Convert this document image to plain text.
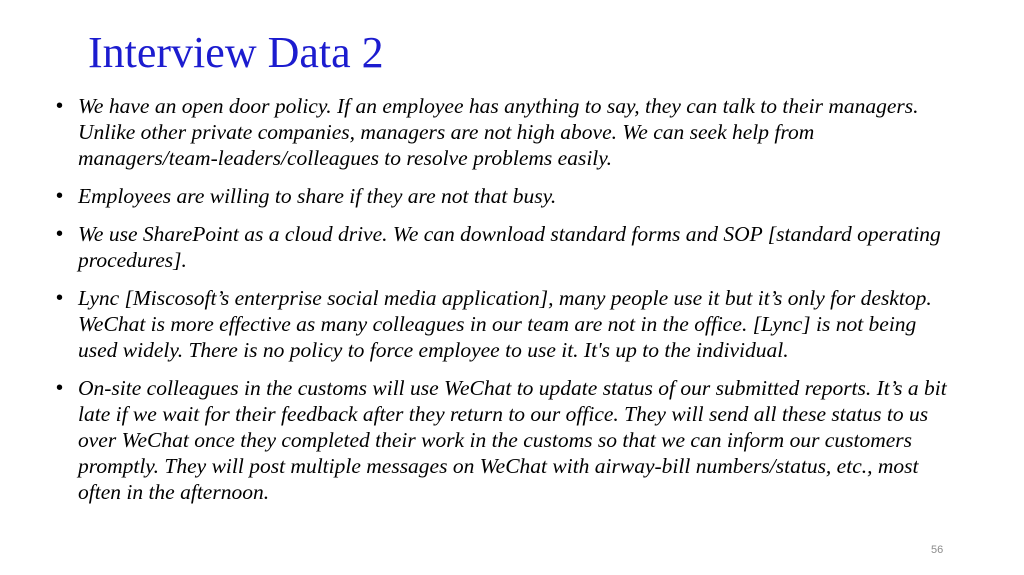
Interview Data 2
• We have an open door policy. If an employee has anything to say, they can talk to their managers. Unlike other private companies, managers are not high above. We can seek help from managers/team-leaders/colleagues to resolve problems easily.
• Employees are willing to share if they are not that busy.
• We use SharePoint as a cloud drive. We can download standard forms and SOP [standard operating procedures].
• Lync [Miscosoft’s enterprise social media application], many people use it but it’s only for desktop. WeChat is more effective as many colleagues in our team are not in the office. [Lync] is not being used widely. There is no policy to force employee to use it. It's up to the individual.
• On-site colleagues in the customs will use WeChat to update status of our submitted reports. It’s a bit late if we wait for their feedback after they return to our office. They will send all these status to us over WeChat once they completed their work in the customs so that we can inform our customers promptly. They will post multiple messages on WeChat with airway-bill numbers/status, etc., most often in the afternoon.
56
